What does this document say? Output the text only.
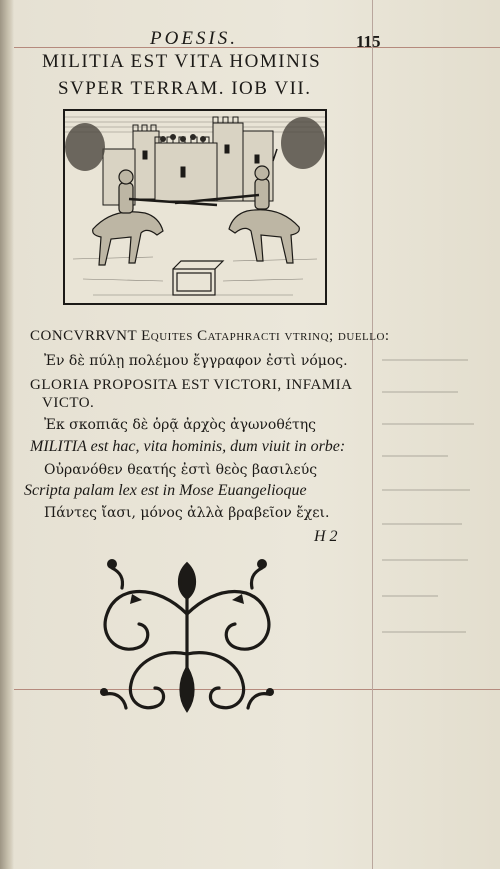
POESIS.	115
MILITIA EST VITA HOMINIS
SVPER TERRAM. IOB VII.
CONCVRRVNT Equites Cataphracti vtrinq; duello:
Ἐν δὲ πύλῃ πολέμου ἔγγραφον ἐστὶ νόμος.
GLORIA PROPOSITA EST VICTORI, INFAMIA
VICTO.
Ἐκ σκοπιᾶς δὲ ὁρᾷ ἀρχὸς ἀγωνοθέτης
MILITIA est hac, vita hominis, dum viuit in orbe:
Οὐρανόθεν θεατής ἐστὶ θεὸς βασιλεύς
Scripta palam lex est in Mose Euangelioque
Πάντες ἴασι, μόνος ἀλλὰ βραβεῖον ἔχει.
H 2
